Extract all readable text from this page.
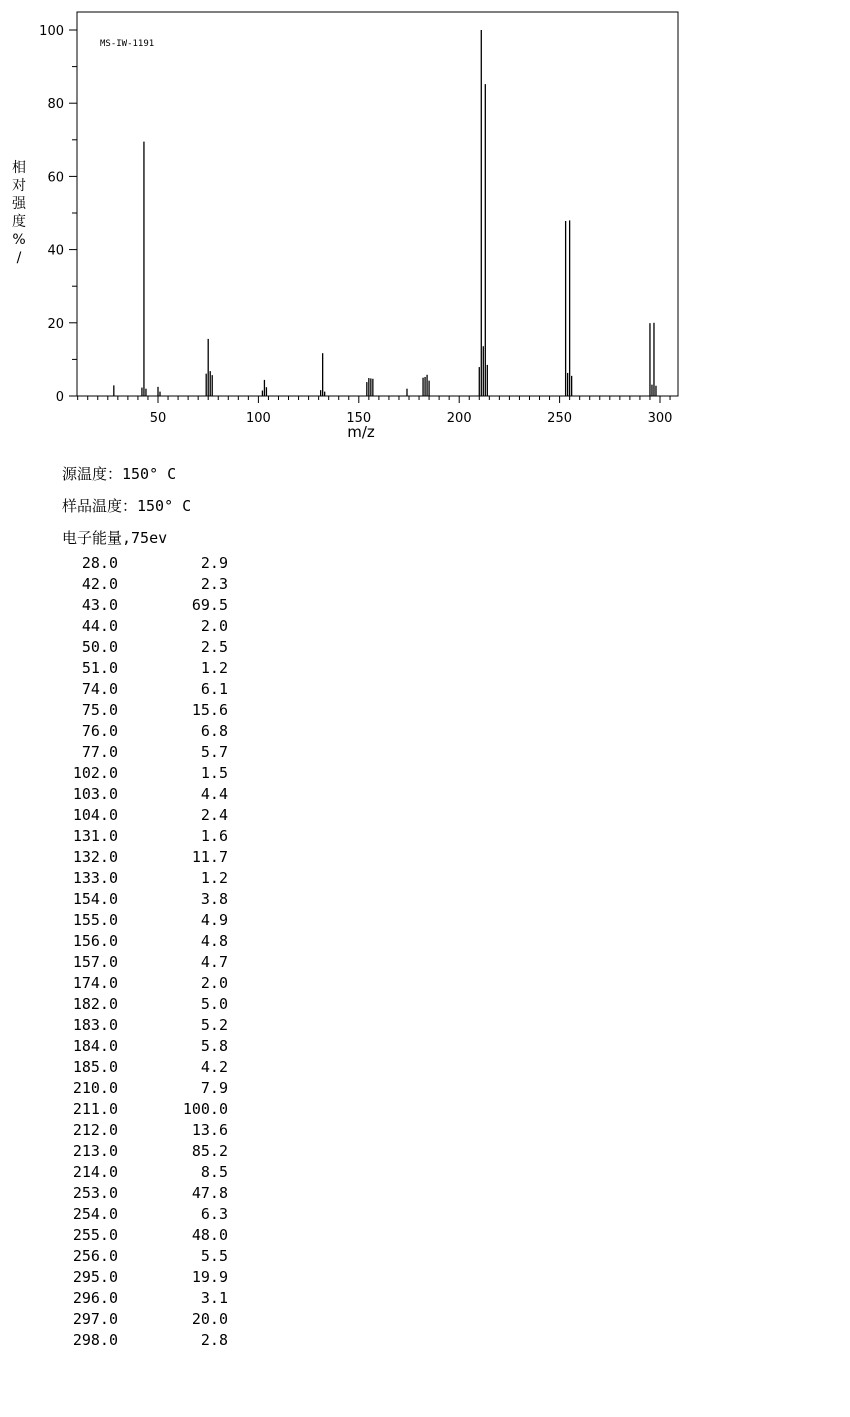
MS-IW-1191
相
对
强
度
%
/
0
20
40
60
80
100
50	100	150	200	250	300
m/z
源温度：150° C
样品温度：150° C
电子能量,75ev
28.0	2.9
42.0	2.3
43.0	69.5
44.0	2.0
50.0	2.5
51.0	1.2
74.0	6.1
75.0	15.6
76.0	6.8
77.0	5.7
102.0	1.5
103.0	4.4
104.0	2.4
131.0	1.6
132.0	11.7
133.0	1.2
154.0	3.8
155.0	4.9
156.0	4.8
157.0	4.7
174.0	2.0
182.0	5.0
183.0	5.2
184.0	5.8
185.0	4.2
210.0	7.9
211.0	100.0
212.0	13.6
213.0	85.2
214.0	8.5
253.0	47.8
254.0	6.3
255.0	48.0
256.0	5.5
295.0	19.9
296.0	3.1
297.0	20.0
298.0	2.8
